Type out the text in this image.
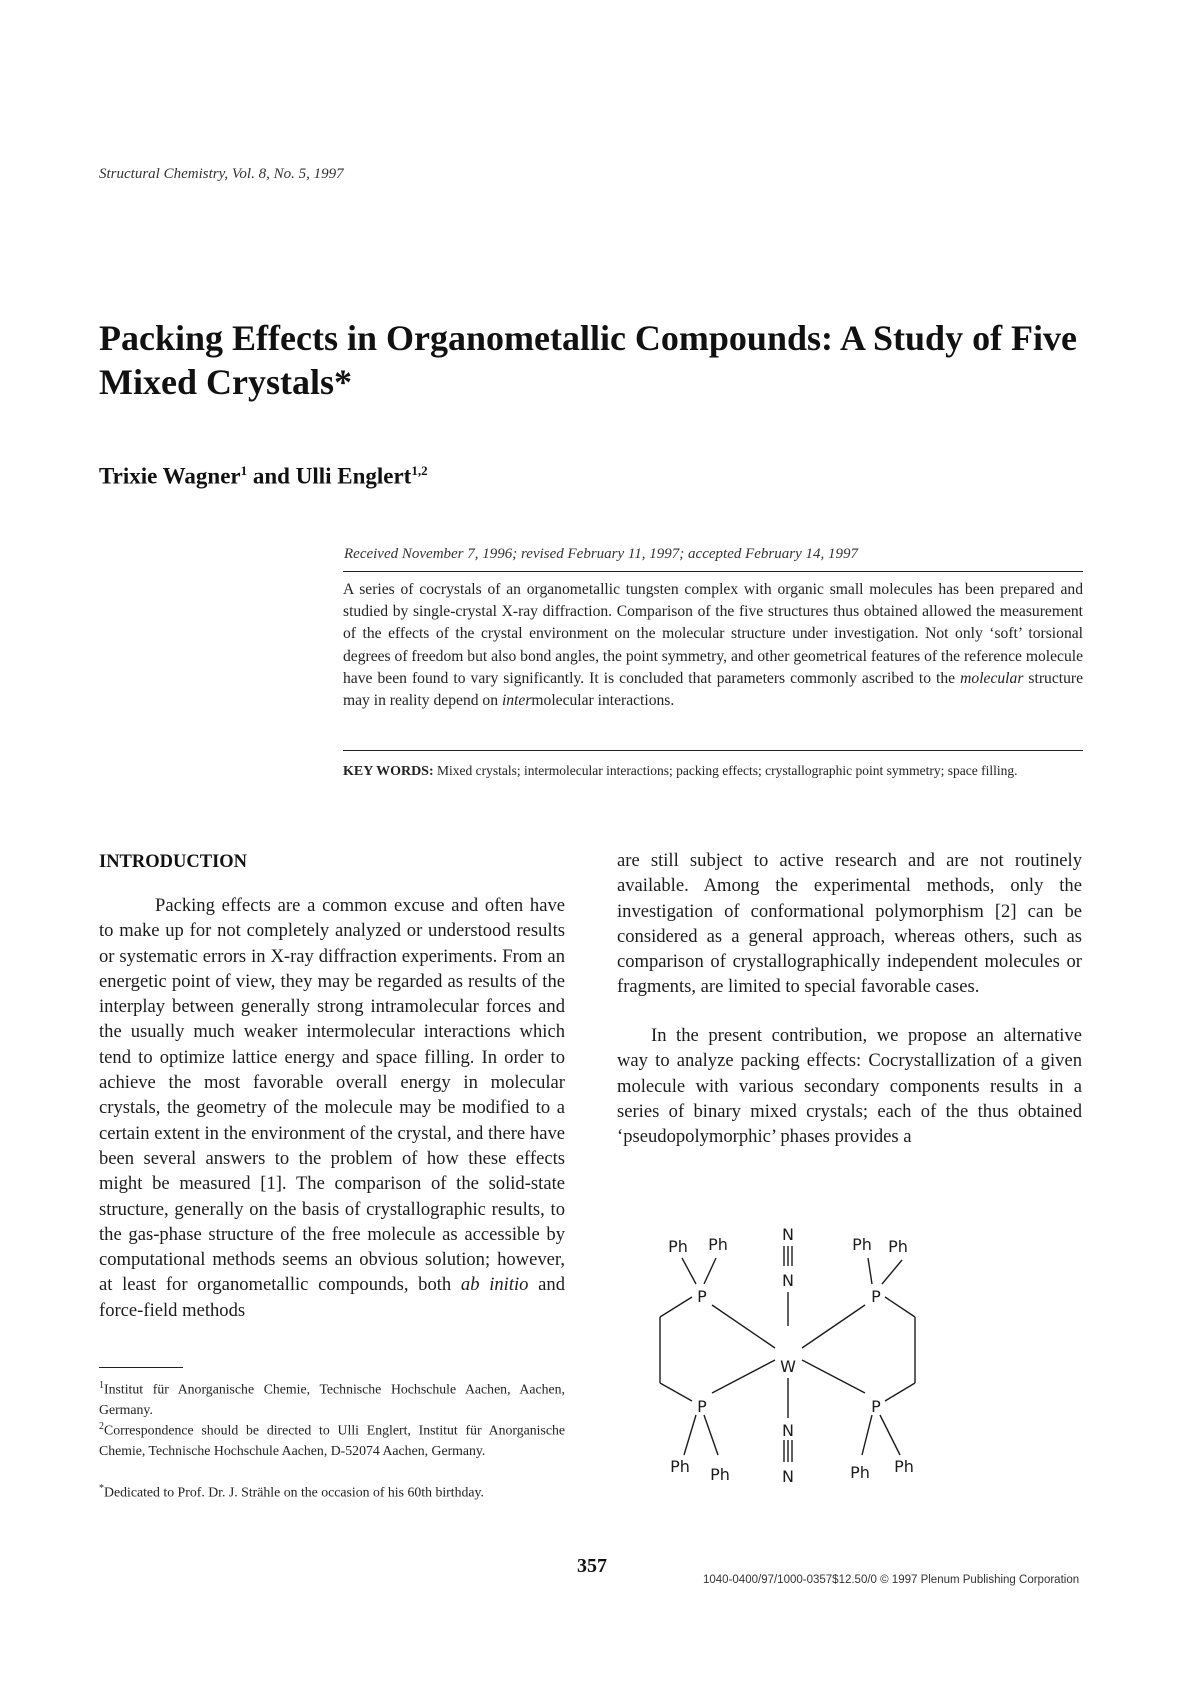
Structural Chemistry, Vol. 8, No. 5, 1997
Packing Effects in Organometallic Compounds: A Study of Five Mixed Crystals*
Trixie Wagner$^1$ and Ulli Englert$^{1,2}$
Received November 7, 1996; revised February 11, 1997; accepted February 14, 1997

A series of cocrystals of an organometallic tungsten complex with organic small molecules has been prepared and studied by single-crystal X-ray diffraction. Comparison of the five structures thus obtained allowed the measurement of the effects of the crystal environment on the molecular structure under investigation. Not only ‘soft’ torsional degrees of freedom but also bond angles, the point symmetry, and other geometrical features of the reference molecule have been found to vary significantly. It is concluded that parameters commonly ascribed to the molecular structure may in reality depend on intermolecular interactions.

KEY WORDS: Mixed crystals; intermolecular interactions; packing effects; crystallographic point symmetry; space filling.

INTRODUCTION

Packing effects are a common excuse and often have to make up for not completely analyzed or understood results or systematic errors in X-ray diffraction experiments. From an energetic point of view, they may be regarded as results of the interplay between generally strong intramolecular forces and the usually much weaker intermolecular interactions which tend to optimize lattice energy and space filling. In order to achieve the most favorable overall energy in molecular crystals, the geometry of the molecule may be modified to a certain extent in the environment of the crystal, and there have been several answers to the problem of how these effects might be measured [1]. The comparison of the solid-state structure, generally on the basis of crystallographic results, to the gas-phase structure of the free molecule as accessible by computational methods seems an obvious solution; however, at least for organometallic compounds, both ab initio and force-field methods

are still subject to active research and are not routinely available. Among the experimental methods, only the investigation of conformational polymorphism [2] can be considered as a general approach, whereas others, such as comparison of crystallographically independent molecules or fragments, are limited to special favorable cases.

In the present contribution, we propose an alternative way to analyze packing effects: Cocrystallization of a given molecule with various secondary components results in a series of binary mixed crystals; each of the thus obtained ‘pseudopolymorphic’ phases provides a

N
N
W
N
N
P	P
P	P
Ph Ph	Ph Ph
Ph Ph	Ph Ph

$^1$Institut für Anorganische Chemie, Technische Hochschule Aachen, Aachen, Germany.

$^2$Correspondence should be directed to Ulli Englert, Institut für Anorganische Chemie, Technische Hochschule Aachen, D-52074 Aachen, Germany.

*Dedicated to Prof. Dr. J. Strähle on the occasion of his 60th birthday.

357
1040-0400/97/1000-0357$12.50/0 © 1997 Plenum Publishing Corporation
